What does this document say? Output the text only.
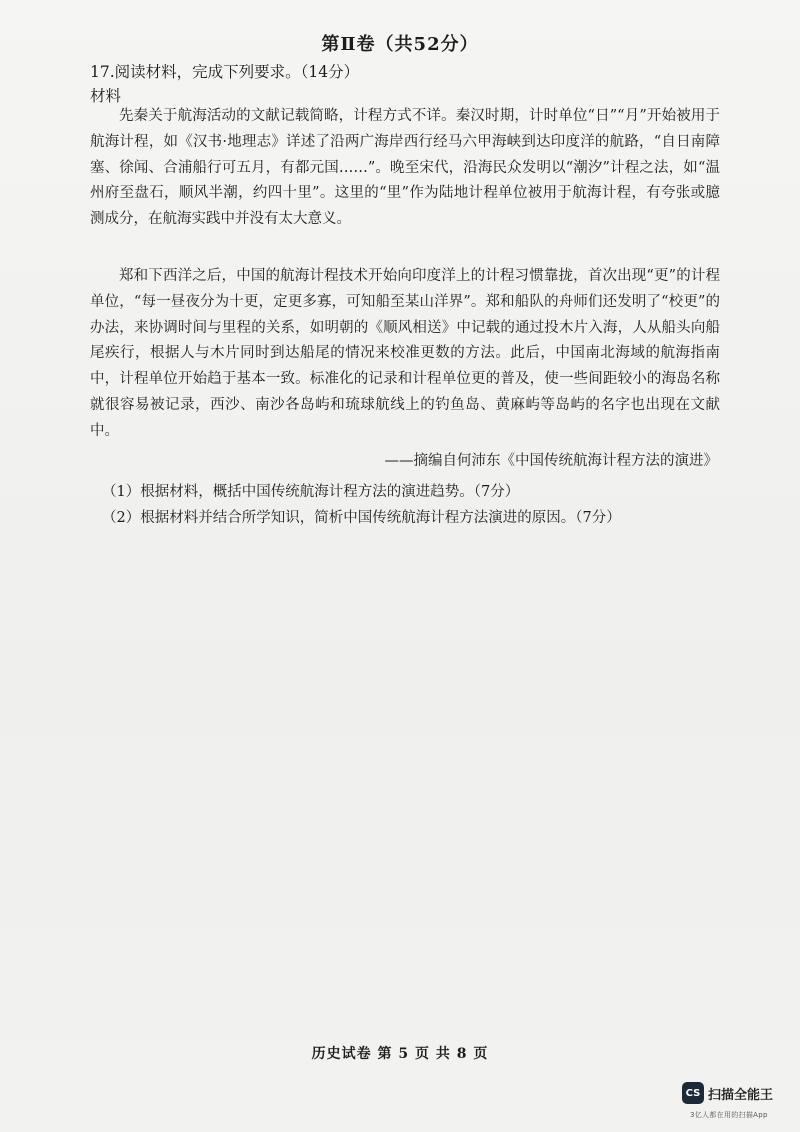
第Ⅱ卷（共52分）
17.阅读材料，完成下列要求。（14分）
材料

先秦关于航海活动的文献记载简略，计程方式不详。秦汉时期，计时单位“日”“月”开始被用于航海计程，如《汉书·地理志》详述了沿两广海岸西行经马六甲海峡到达印度洋的航路，“自日南障塞、徐闻、合浦船行可五月，有都元国……”。晚至宋代，沿海民众发明以“潮汐”计程之法，如“温州府至盘石，顺风半潮，约四十里”。这里的“里”作为陆地计程单位被用于航海计程，有夸张或臆测成分，在航海实践中并没有太大意义。

郑和下西洋之后，中国的航海计程技术开始向印度洋上的计程习惯靠拢，首次出现“更”的计程单位，“每一昼夜分为十更，定更多寡，可知船至某山洋界”。郑和船队的舟师们还发明了“校更”的办法，来协调时间与里程的关系，如明朝的《顺风相送》中记载的通过投木片入海，人从船头向船尾疾行，根据人与木片同时到达船尾的情况来校准更数的方法。此后，中国南北海域的航海指南中，计程单位开始趋于基本一致。标准化的记录和计程单位更的普及，使一些间距较小的海岛名称就很容易被记录，西沙、南沙各岛屿和琉球航线上的钓鱼岛、黄麻屿等岛屿的名字也出现在文献中。

——摘编自何沛东《中国传统航海计程方法的演进》
（1）根据材料，概括中国传统航海计程方法的演进趋势。（7分）
（2）根据材料并结合所学知识，简析中国传统航海计程方法演进的原因。（7分）
历史试卷 第 5 页 共 8 页
CS 扫描全能王
3亿人都在用的扫描App
